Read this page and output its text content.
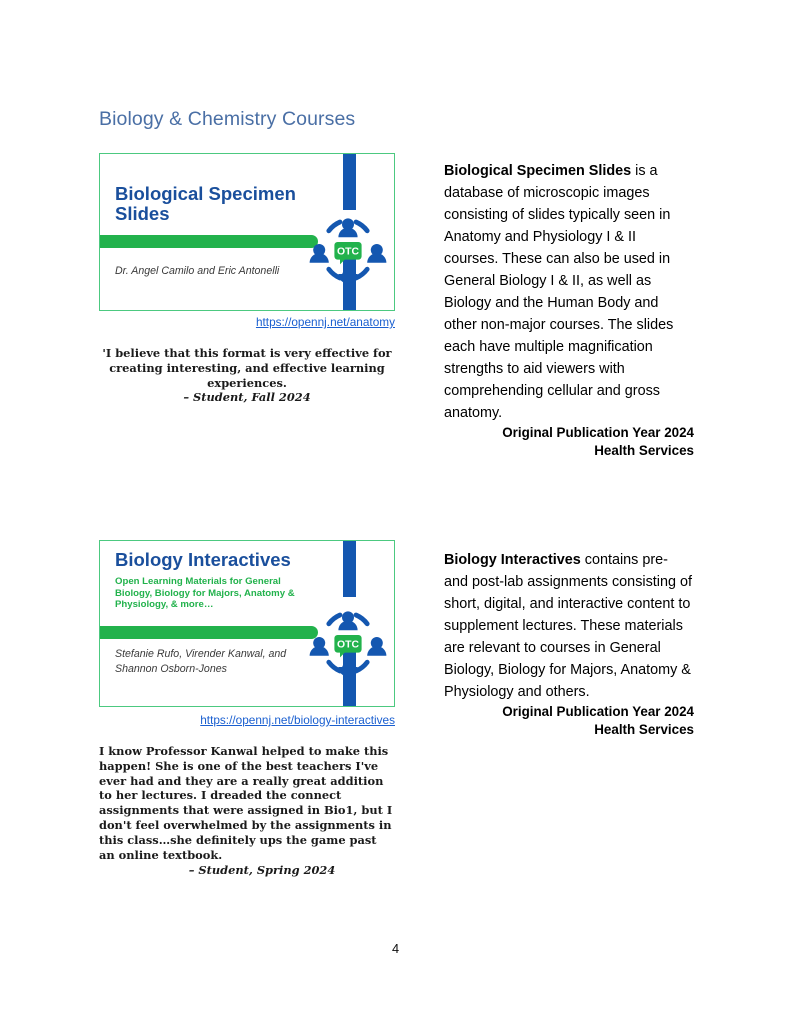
Biology & Chemistry Courses
Biological Specimen Slides
Dr. Angel Camilo and Eric Antonelli
OTC
https://opennj.net/anatomy
'I believe that this format is very effective for creating interesting, and effective learning experiences.
– Student, Fall 2024

Biological Specimen Slides is a database of microscopic images consisting of slides typically seen in Anatomy and Physiology I & II courses. These can also be used in General Biology I & II, as well as Biology and the Human Body and other non-major courses. The slides each have multiple magnification strengths to aid viewers with comprehending cellular and gross anatomy.

Original Publication Year 2024
Health Services
Biology Interactives
Open Learning Materials for General Biology, Biology for Majors, Anatomy & Physiology, & more…
Stefanie Rufo, Virender Kanwal, and Shannon Osborn-Jones
OTC
https://opennj.net/biology-interactives
I know Professor Kanwal helped to make this happen! She is one of the best teachers I've ever had and they are a really great addition to her lectures. I dreaded the connect assignments that were assigned in Bio1, but I don't feel overwhelmed by the assignments in this class…she definitely ups the game past an online textbook.
– Student, Spring 2024

Biology Interactives contains pre- and post-lab assignments consisting of short, digital, and interactive content to supplement lectures. These materials are relevant to courses in General Biology, Biology for Majors, Anatomy & Physiology and others.

Original Publication Year 2024
Health Services
4
